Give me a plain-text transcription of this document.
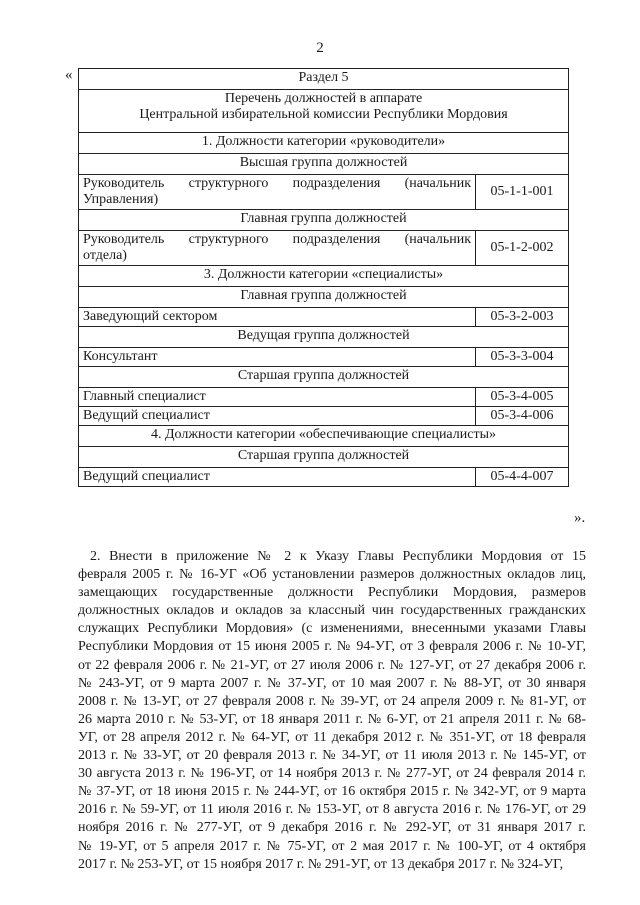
2
«	Раздел 5	
Перечень должностей в аппарате
Центральной избирательной комиссии Республики Мордовия	
1. Должности категории «руководители»	
Высшая группа должностей	

Руководитель структурного подразделения (начальник
Управления)	05-1-1-001
Главная группа должностей	

Руководитель структурного подразделения (начальник
отдела)	05-1-2-002
3. Должности категории «специалисты»	
Главная группа должностей	
Заведующий сектором	05-3-2-003
Ведущая группа должностей	
Консультант	05-3-3-004
Старшая группа должностей	
Главный специалист	05-3-4-005
Ведущий специалист	05-3-4-006
4. Должности категории «обеспечивающие специалисты»	
Старшая группа должностей	
Ведущий специалист	05-4-4-007
».
2. Внести в приложение № 2 к Указу Главы Республики Мордовия от 15
февраля 2005 г. № 16-УГ «Об установлении размеров должностных окладов лиц,
замещающих государственные должности Республики Мордовия, размеров
должностных окладов и окладов за классный чин государственных гражданских
служащих Республики Мордовия» (с изменениями, внесенными указами Главы
Республики Мордовия от 15 июня 2005 г. № 94-УГ, от 3 февраля 2006 г. № 10-УГ,
от 22 февраля 2006 г. № 21-УГ, от 27 июля 2006 г. № 127-УГ, от 27 декабря 2006 г.
№ 243-УГ, от 9 марта 2007 г. № 37-УГ, от 10 мая 2007 г. № 88-УГ, от 30 января
2008 г. № 13-УГ, от 27 февраля 2008 г. № 39-УГ, от 24 апреля 2009 г. № 81-УГ, от
26 марта 2010 г. № 53-УГ, от 18 января 2011 г. № 6-УГ, от 21 апреля 2011 г. № 68-
УГ, от 28 апреля 2012 г. № 64-УГ, от 11 декабря 2012 г. № 351-УГ, от 18 февраля
2013 г. № 33-УГ, от 20 февраля 2013 г. № 34-УГ, от 11 июля 2013 г. № 145-УГ, от
30 августа 2013 г. № 196-УГ, от 14 ноября 2013 г. № 277-УГ, от 24 февраля 2014 г.
№ 37-УГ, от 18 июня 2015 г. № 244-УГ, от 16 октября 2015 г. № 342-УГ, от 9 марта
2016 г. № 59-УГ, от 11 июля 2016 г. № 153-УГ, от 8 августа 2016 г. № 176-УГ, от 29
ноября 2016 г. № 277-УГ, от 9 декабря 2016 г. № 292-УГ, от 31 января 2017 г.
№ 19-УГ, от 5 апреля 2017 г. № 75-УГ, от 2 мая 2017 г. № 100-УГ, от 4 октября
2017 г. № 253-УГ, от 15 ноября 2017 г. № 291-УГ, от 13 декабря 2017 г. № 324-УГ,
